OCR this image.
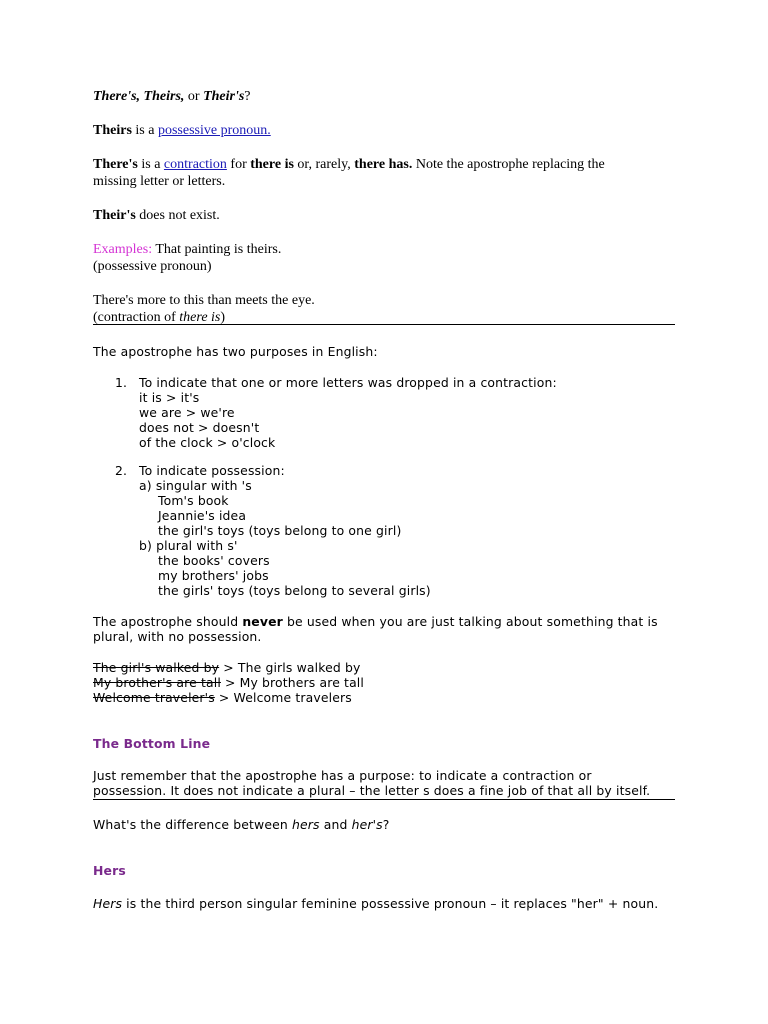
There's, Theirs, or Their's?
Theirs is a possessive pronoun.
There's is a contraction for there is or, rarely, there has. Note the apostrophe replacing the
missing letter or letters.
Their's does not exist.
Examples: That painting is theirs.
(possessive pronoun)
There's more to this than meets the eye.
(contraction of there is)
The apostrophe has two purposes in English:
1. To indicate that one or more letters was dropped in a contraction:
it is > it's
we are > we're
does not > doesn't
of the clock > o'clock
2. To indicate possession:
a) singular with 's
Tom's book
Jeannie's idea
the girl's toys (toys belong to one girl)
b) plural with s'
the books' covers
my brothers' jobs
the girls' toys (toys belong to several girls)
The apostrophe should never be used when you are just talking about something that is
plural, with no possession.
The girl's walked by > The girls walked by
My brother's are tall > My brothers are tall
Welcome traveler's > Welcome travelers
The Bottom Line
Just remember that the apostrophe has a purpose: to indicate a contraction or
possession. It does not indicate a plural – the letter s does a fine job of that all by itself.
What's the difference between hers and her's?
Hers
Hers is the third person singular feminine possessive pronoun – it replaces "her" + noun.
